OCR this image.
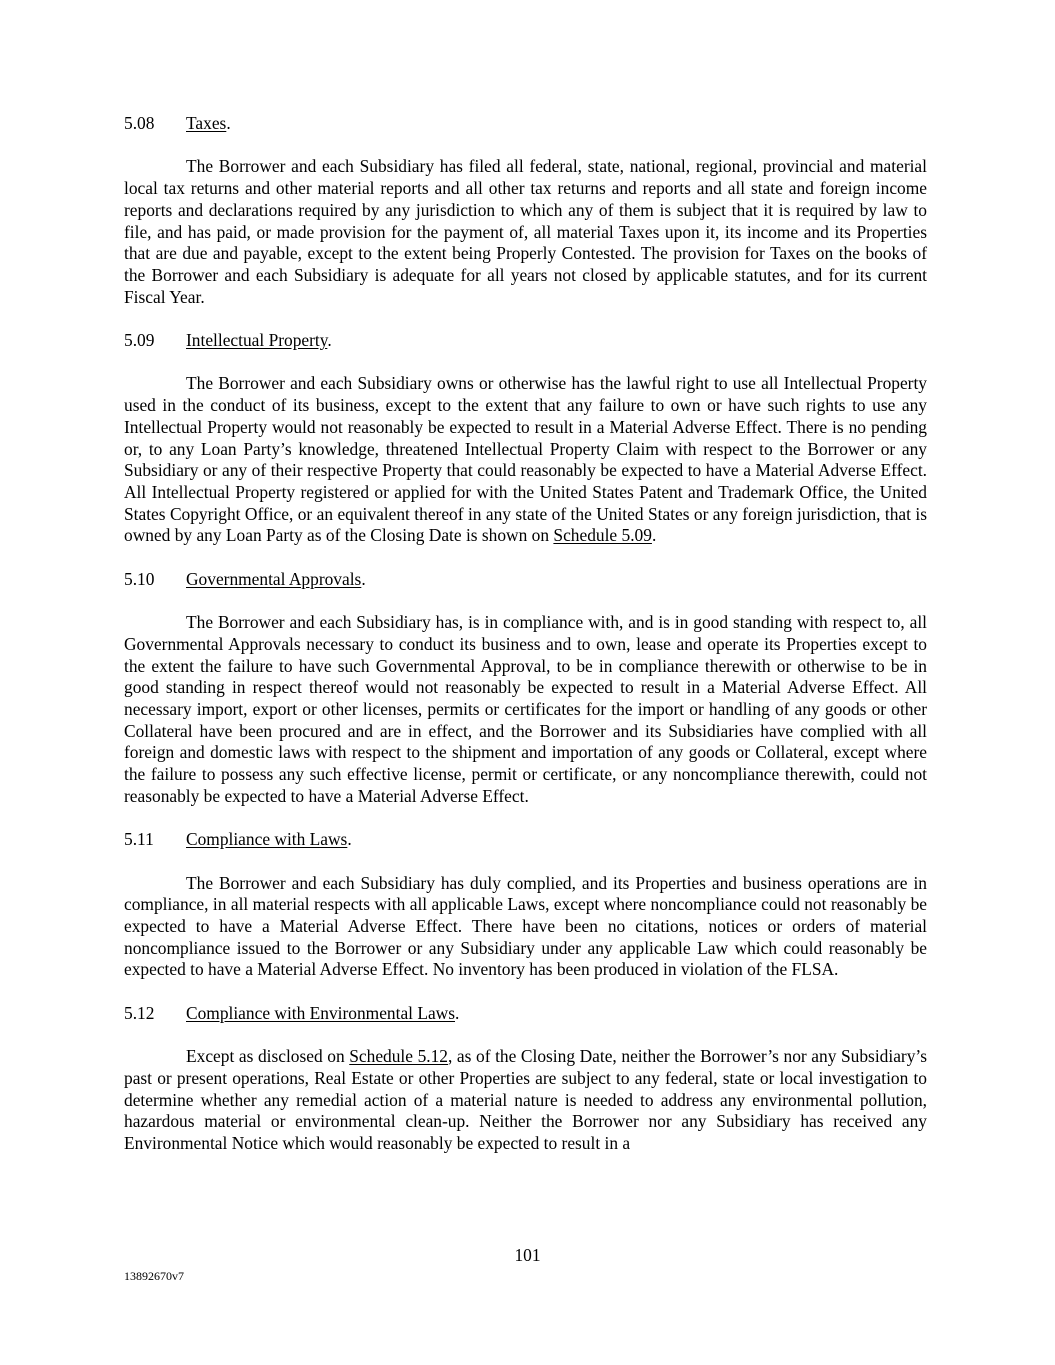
5.08 Taxes.

The Borrower and each Subsidiary has filed all federal, state, national, regional, provincial and material local tax returns and other material reports and all other tax returns and reports and all state and foreign income reports and declarations required by any jurisdiction to which any of them is subject that it is required by law to file, and has paid, or made provision for the payment of, all material Taxes upon it, its income and its Properties that are due and payable, except to the extent being Properly Contested. The provision for Taxes on the books of the Borrower and each Subsidiary is adequate for all years not closed by applicable statutes, and for its current Fiscal Year.

5.09 Intellectual Property.

The Borrower and each Subsidiary owns or otherwise has the lawful right to use all Intellectual Property used in the conduct of its business, except to the extent that any failure to own or have such rights to use any Intellectual Property would not reasonably be expected to result in a Material Adverse Effect. There is no pending or, to any Loan Party’s knowledge, threatened Intellectual Property Claim with respect to the Borrower or any Subsidiary or any of their respective Property that could reasonably be expected to have a Material Adverse Effect. All Intellectual Property registered or applied for with the United States Patent and Trademark Office, the United States Copyright Office, or an equivalent thereof in any state of the United States or any foreign jurisdiction, that is owned by any Loan Party as of the Closing Date is shown on Schedule 5.09.

5.10 Governmental Approvals.

The Borrower and each Subsidiary has, is in compliance with, and is in good standing with respect to, all Governmental Approvals necessary to conduct its business and to own, lease and operate its Properties except to the extent the failure to have such Governmental Approval, to be in compliance therewith or otherwise to be in good standing in respect thereof would not reasonably be expected to result in a Material Adverse Effect. All necessary import, export or other licenses, permits or certificates for the import or handling of any goods or other Collateral have been procured and are in effect, and the Borrower and its Subsidiaries have complied with all foreign and domestic laws with respect to the shipment and importation of any goods or Collateral, except where the failure to possess any such effective license, permit or certificate, or any noncompliance therewith, could not reasonably be expected to have a Material Adverse Effect.

5.11 Compliance with Laws.

The Borrower and each Subsidiary has duly complied, and its Properties and business operations are in compliance, in all material respects with all applicable Laws, except where noncompliance could not reasonably be expected to have a Material Adverse Effect. There have been no citations, notices or orders of material noncompliance issued to the Borrower or any Subsidiary under any applicable Law which could reasonably be expected to have a Material Adverse Effect. No inventory has been produced in violation of the FLSA.

5.12 Compliance with Environmental Laws.

Except as disclosed on Schedule 5.12, as of the Closing Date, neither the Borrower’s nor any Subsidiary’s past or present operations, Real Estate or other Properties are subject to any federal, state or local investigation to determine whether any remedial action of a material nature is needed to address any environmental pollution, hazardous material or environmental clean-up. Neither the Borrower nor any Subsidiary has received any Environmental Notice which would reasonably be expected to result in a

101
13892670v7
